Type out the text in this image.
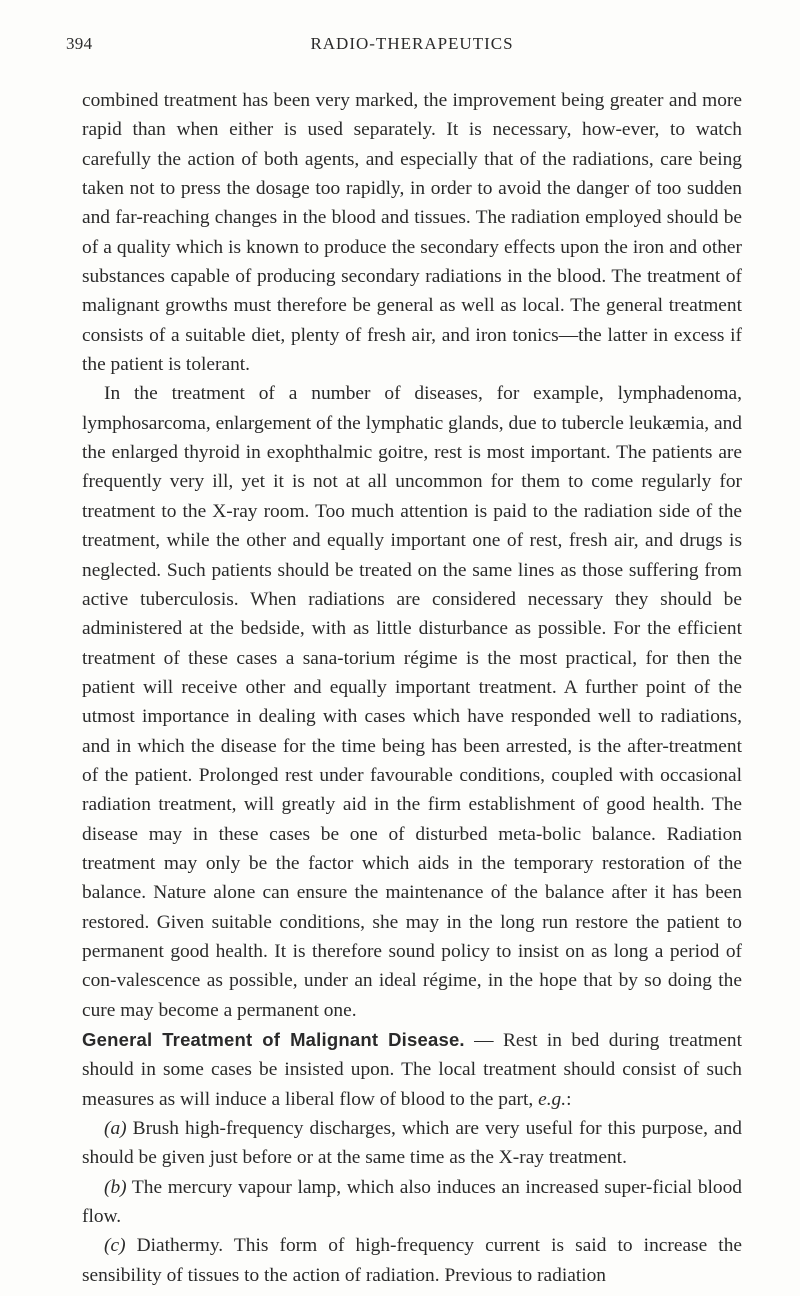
394	RADIO-THERAPEUTICS

combined treatment has been very marked, the improvement being greater and more rapid than when either is used separately. It is necessary, how-ever, to watch carefully the action of both agents, and especially that of the radiations, care being taken not to press the dosage too rapidly, in order to avoid the danger of too sudden and far-reaching changes in the blood and tissues. The radiation employed should be of a quality which is known to produce the secondary effects upon the iron and other substances capable of producing secondary radiations in the blood. The treatment of malignant growths must therefore be general as well as local. The general treatment consists of a suitable diet, plenty of fresh air, and iron tonics—the latter in excess if the patient is tolerant.

In the treatment of a number of diseases, for example, lymphadenoma, lymphosarcoma, enlargement of the lymphatic glands, due to tubercle leukæmia, and the enlarged thyroid in exophthalmic goitre, rest is most important. The patients are frequently very ill, yet it is not at all uncommon for them to come regularly for treatment to the X-ray room. Too much attention is paid to the radiation side of the treatment, while the other and equally important one of rest, fresh air, and drugs is neglected. Such patients should be treated on the same lines as those suffering from active tuberculosis. When radiations are considered necessary they should be administered at the bedside, with as little disturbance as possible. For the efficient treatment of these cases a sana-torium régime is the most practical, for then the patient will receive other and equally important treatment. A further point of the utmost importance in dealing with cases which have responded well to radiations, and in which the disease for the time being has been arrested, is the after-treatment of the patient. Prolonged rest under favourable conditions, coupled with occasional radiation treatment, will greatly aid in the firm establishment of good health. The disease may in these cases be one of disturbed meta-bolic balance. Radiation treatment may only be the factor which aids in the temporary restoration of the balance. Nature alone can ensure the maintenance of the balance after it has been restored. Given suitable conditions, she may in the long run restore the patient to permanent good health. It is therefore sound policy to insist on as long a period of con-valescence as possible, under an ideal régime, in the hope that by so doing the cure may become a permanent one.

General Treatment of Malignant Disease. — Rest in bed during treatment should in some cases be insisted upon. The local treatment should consist of such measures as will induce a liberal flow of blood to the part, e.g.:

(a) Brush high-frequency discharges, which are very useful for this purpose, and should be given just before or at the same time as the X-ray treatment.

(b) The mercury vapour lamp, which also induces an increased super-ficial blood flow.

(c) Diathermy. This form of high-frequency current is said to increase the sensibility of tissues to the action of radiation. Previous to radiation
